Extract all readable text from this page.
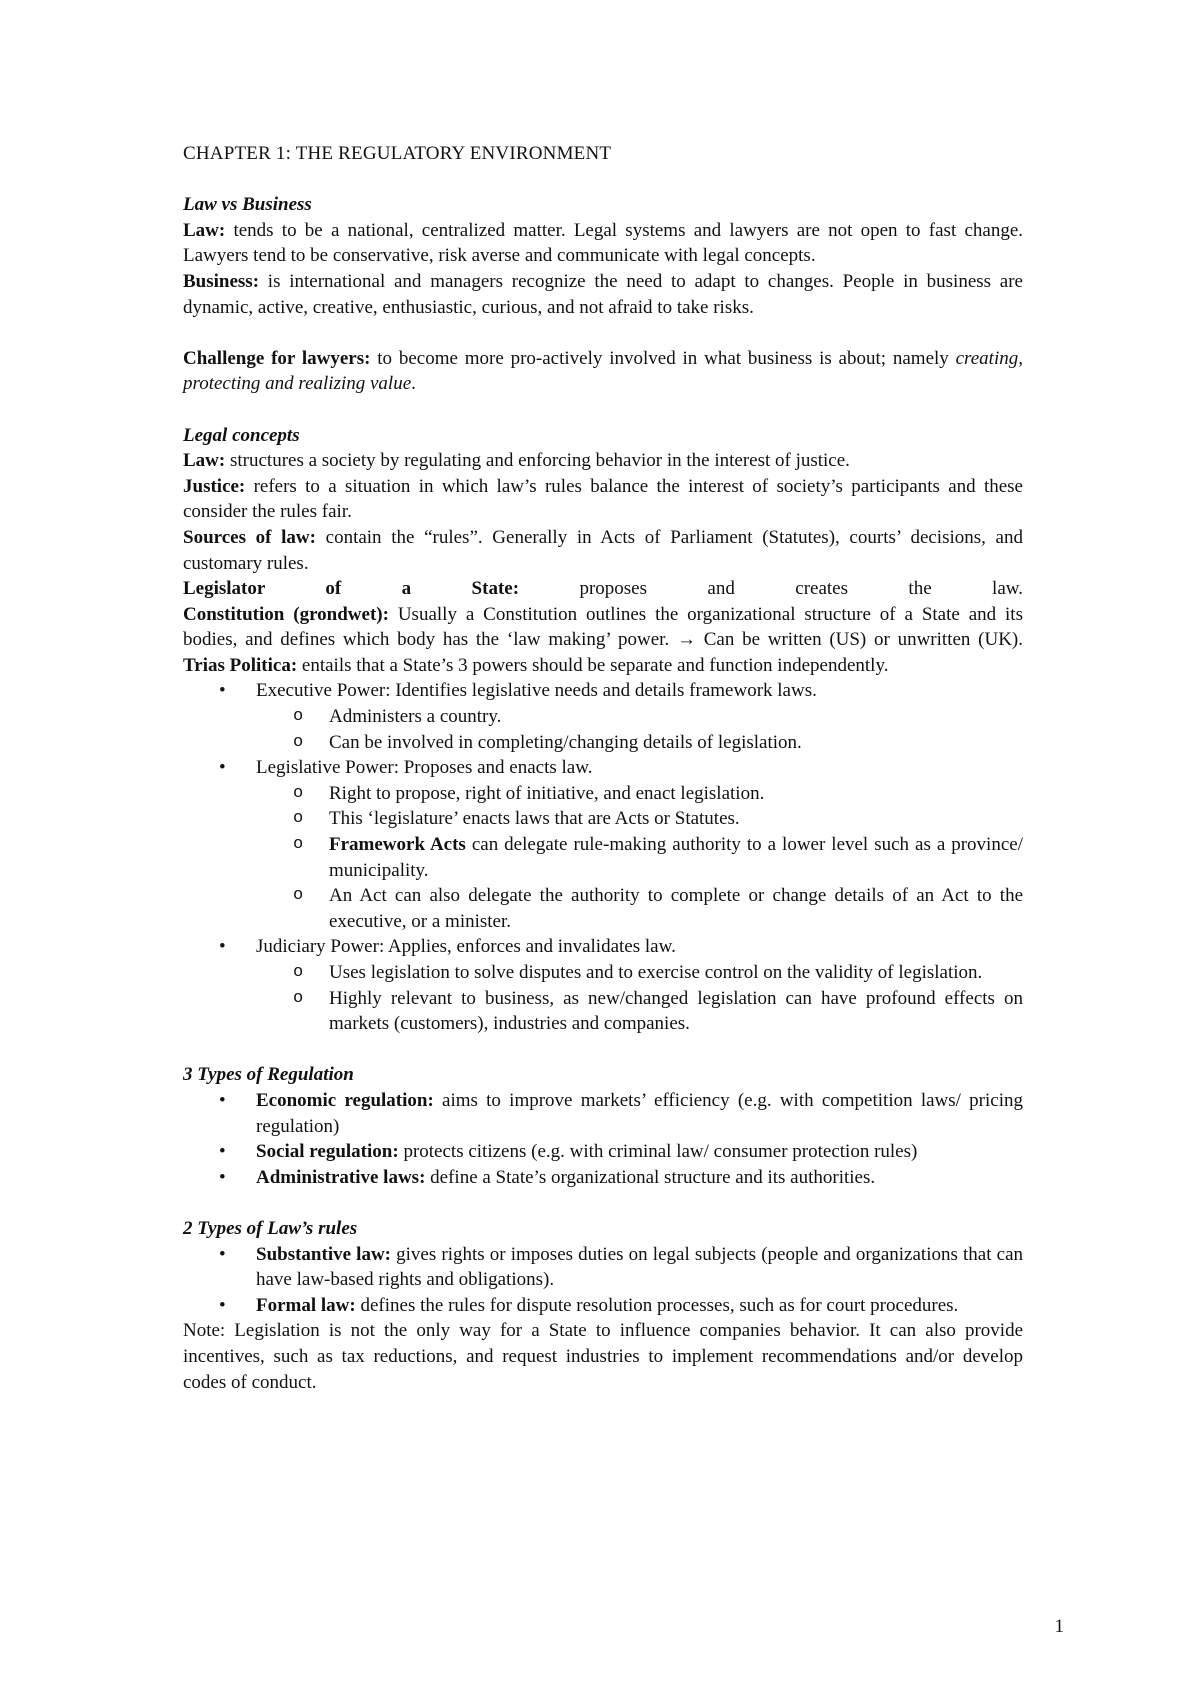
CHAPTER 1: THE REGULATORY ENVIRONMENT

Law vs Business

Law: tends to be a national, centralized matter. Legal systems and lawyers are not open to fast change. Lawyers tend to be conservative, risk averse and communicate with legal concepts.

Business: is international and managers recognize the need to adapt to changes. People in business are dynamic, active, creative, enthusiastic, curious, and not afraid to take risks.

Challenge for lawyers: to become more pro-actively involved in what business is about; namely creating, protecting and realizing value.

Legal concepts

Law: structures a society by regulating and enforcing behavior in the interest of justice.

Justice: refers to a situation in which law’s rules balance the interest of society’s participants and these consider the rules fair.

Sources of law: contain the “rules”. Generally in Acts of Parliament (Statutes), courts’ decisions, and customary rules.

Legislator of a State: proposes and creates the law.

Constitution (grondwet): Usually a Constitution outlines the organizational structure of a State and its bodies, and defines which body has the ‘law making’ power. → Can be written (US) or unwritten (UK).

Trias Politica: entails that a State’s 3 powers should be separate and function independently.

• Executive Power: Identifies legislative needs and details framework laws.
o Administers a country.
o Can be involved in completing/changing details of legislation.
• Legislative Power: Proposes and enacts law.
o Right to propose, right of initiative, and enact legislation.
o This ‘legislature’ enacts laws that are Acts or Statutes.
o Framework Acts can delegate rule-making authority to a lower level such as a province/ municipality.
o An Act can also delegate the authority to complete or change details of an Act to the executive, or a minister.
• Judiciary Power: Applies, enforces and invalidates law.
o Uses legislation to solve disputes and to exercise control on the validity of legislation.
o Highly relevant to business, as new/changed legislation can have profound effects on markets (customers), industries and companies.

3 Types of Regulation

• Economic regulation: aims to improve markets’ efficiency (e.g. with competition laws/ pricing regulation)
• Social regulation: protects citizens (e.g. with criminal law/ consumer protection rules)
• Administrative laws: define a State’s organizational structure and its authorities.

2 Types of Law’s rules

• Substantive law: gives rights or imposes duties on legal subjects (people and organizations that can have law-based rights and obligations).
• Formal law: defines the rules for dispute resolution processes, such as for court procedures.

Note: Legislation is not the only way for a State to influence companies behavior. It can also provide incentives, such as tax reductions, and request industries to implement recommendations and/or develop codes of conduct.

1
